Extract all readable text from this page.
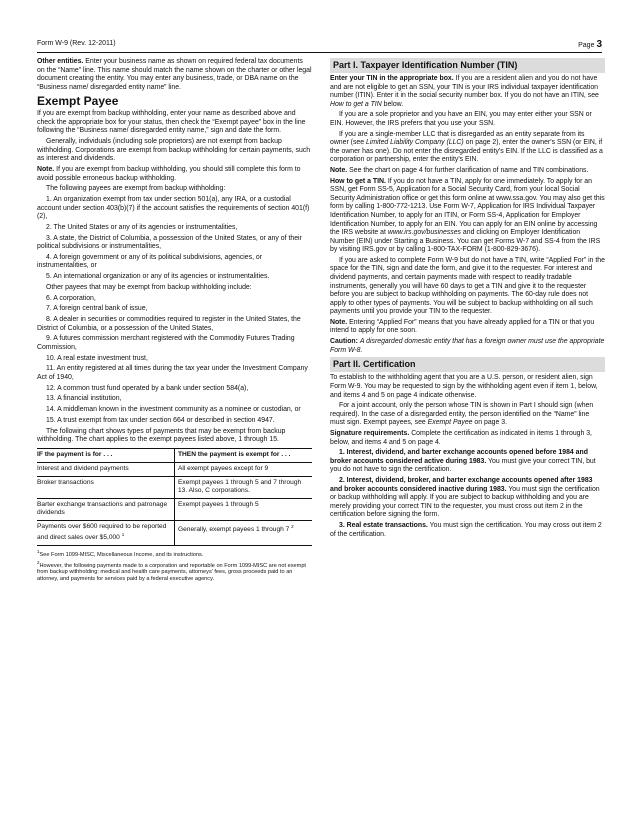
Form W-9 (Rev. 12-2011)	Page 3

Other entities. Enter your business name as shown on required federal tax documents on the “Name” line. This name should match the name shown on the charter or other legal document creating the entity. You may enter any business, trade, or DBA name on the “Business name/ disregarded entity name” line.

Exempt Payee

If you are exempt from backup withholding, enter your name as described above and check the appropriate box for your status, then check the “Exempt payee” box in the line following the “Business name/ disregarded entity name,” sign and date the form.

Generally, individuals (including sole proprietors) are not exempt from backup withholding. Corporations are exempt from backup withholding for certain payments, such as interest and dividends.

Note. If you are exempt from backup withholding, you should still complete this form to avoid possible erroneous backup withholding.

The following payees are exempt from backup withholding:

1. An organization exempt from tax under section 501(a), any IRA, or a custodial account under section 403(b)(7) if the account satisfies the requirements of section 401(f)(2),

2. The United States or any of its agencies or instrumentalities,

3. A state, the District of Columbia, a possession of the United States, or any of their political subdivisions or instrumentalities,

4. A foreign government or any of its political subdivisions, agencies, or instrumentalities, or

5. An international organization or any of its agencies or instrumentalities.

Other payees that may be exempt from backup withholding include:

6. A corporation,

7. A foreign central bank of issue,

8. A dealer in securities or commodities required to register in the United States, the District of Columbia, or a possession of the United States,

9. A futures commission merchant registered with the Commodity Futures Trading Commission,

10. A real estate investment trust,

11. An entity registered at all times during the tax year under the Investment Company Act of 1940,

12. A common trust fund operated by a bank under section 584(a),

13. A financial institution,

14. A middleman known in the investment community as a nominee or custodian, or

15. A trust exempt from tax under section 664 or described in section 4947.

The following chart shows types of payments that may be exempt from backup withholding. The chart applies to the exempt payees listed above, 1 through 15.

IF the payment is for . . .	THEN the payment is exempt for . . .
Interest and dividend payments	All exempt payees except for 9
Broker transactions	Exempt payees 1 through 5 and 7 through 13. Also, C corporations.
Barter exchange transactions and patronage dividends	Exempt payees 1 through 5
Payments over $600 required to be reported and direct sales over $5,000 $^1$	Generally, exempt payees 1 through 7 $^2$

$^1$See Form 1099-MISC, Miscellaneous Income, and its instructions.

$^2$However, the following payments made to a corporation and reportable on Form 1099-MISC are not exempt from backup withholding: medical and health care payments, attorneys' fees, gross proceeds paid to an attorney, and payments for services paid by a federal executive agency.

Part I. Taxpayer Identification Number (TIN)

Enter your TIN in the appropriate box. If you are a resident alien and you do not have and are not eligible to get an SSN, your TIN is your IRS individual taxpayer identification number (ITIN). Enter it in the social security number box. If you do not have an ITIN, see How to get a TIN below.

If you are a sole proprietor and you have an EIN, you may enter either your SSN or EIN. However, the IRS prefers that you use your SSN.

If you are a single-member LLC that is disregarded as an entity separate from its owner (see Limited Liability Company (LLC) on page 2), enter the owner's SSN (or EIN, if the owner has one). Do not enter the disregarded entity's EIN. If the LLC is classified as a corporation or partnership, enter the entity's EIN.

Note. See the chart on page 4 for further clarification of name and TIN combinations.

How to get a TIN. If you do not have a TIN, apply for one immediately. To apply for an SSN, get Form SS-5, Application for a Social Security Card, from your local Social Security Administration office or get this form online at www.ssa.gov. You may also get this form by calling 1-800-772-1213. Use Form W-7, Application for IRS Individual Taxpayer Identification Number, to apply for an ITIN, or Form SS-4, Application for Employer Identification Number, to apply for an EIN. You can apply for an EIN online by accessing the IRS website at www.irs.gov/businesses and clicking on Employer Identification Number (EIN) under Starting a Business. You can get Forms W-7 and SS-4 from the IRS by visiting IRS.gov or by calling 1-800-TAX-FORM (1-800-829-3676).

If you are asked to complete Form W-9 but do not have a TIN, write “Applied For” in the space for the TIN, sign and date the form, and give it to the requester. For interest and dividend payments, and certain payments made with respect to readily tradable instruments, generally you will have 60 days to get a TIN and give it to the requester before you are subject to backup withholding on payments. The 60-day rule does not apply to other types of payments. You will be subject to backup withholding on all such payments until you provide your TIN to the requester.

Note. Entering “Applied For” means that you have already applied for a TIN or that you intend to apply for one soon.

Caution: A disregarded domestic entity that has a foreign owner must use the appropriate Form W-8.

Part II. Certification

To establish to the withholding agent that you are a U.S. person, or resident alien, sign Form W-9. You may be requested to sign by the withholding agent even if item 1, below, and items 4 and 5 on page 4 indicate otherwise.

For a joint account, only the person whose TIN is shown in Part I should sign (when required). In the case of a disregarded entity, the person identified on the “Name” line must sign. Exempt payees, see Exempt Payee on page 3.

Signature requirements. Complete the certification as indicated in items 1 through 3, below, and items 4 and 5 on page 4.

1. Interest, dividend, and barter exchange accounts opened before 1984 and broker accounts considered active during 1983. You must give your correct TIN, but you do not have to sign the certification.

2. Interest, dividend, broker, and barter exchange accounts opened after 1983 and broker accounts considered inactive during 1983. You must sign the certification or backup withholding will apply. If you are subject to backup withholding and you are merely providing your correct TIN to the requester, you must cross out item 2 in the certification before signing the form.

3. Real estate transactions. You must sign the certification. You may cross out item 2 of the certification.
